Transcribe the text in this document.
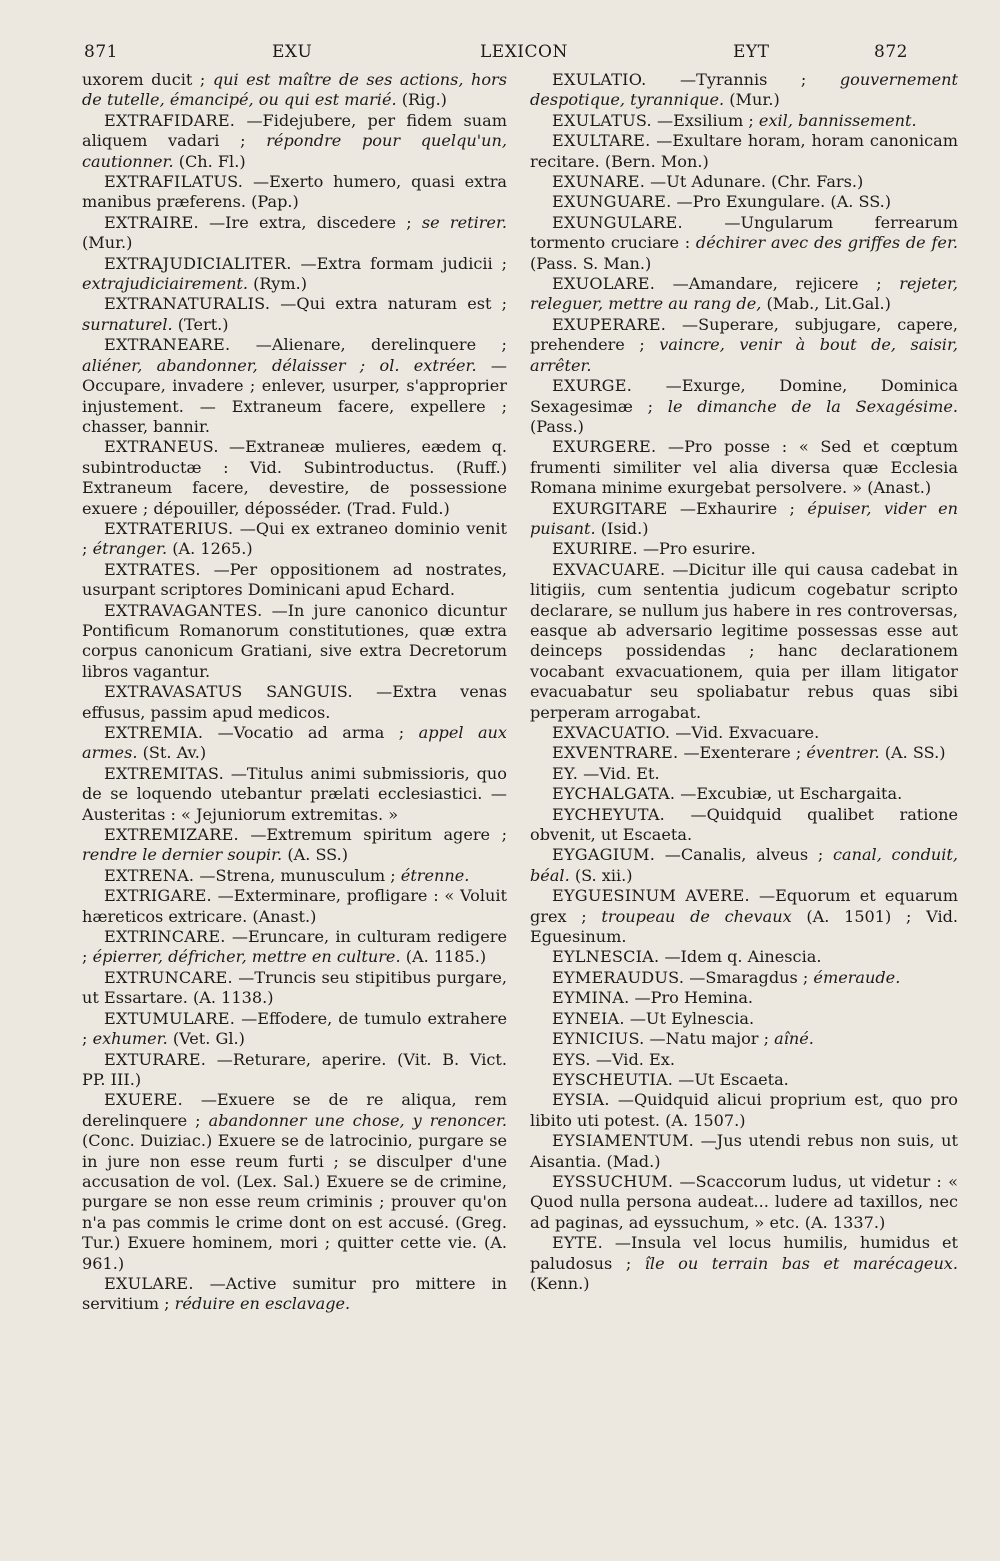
871	EXU	LEXICON	EYT	872

uxorem ducit ; qui est maître de ses actions, hors de tutelle, émancipé, ou qui est marié. (Rig.)

EXTRAFIDARE. — Fidejubere, per fidem suam aliquem vadari ; répondre pour quelqu'un, cautionner. (Ch. Fl.)

EXTRAFILATUS. — Exerto humero, quasi extra manibus præferens. (Pap.)

EXTRAIRE. — Ire extra, discedere ; se retirer. (Mur.)

EXTRAJUDICIALITER. — Extra formam judicii ; extrajudiciairement. (Rym.)

EXTRANATURALIS. — Qui extra naturam est ; surnaturel. (Tert.)

EXTRANEARE.	— Alienare, derelinquere ; aliéner, abandonner, délaisser ; ol. extréer. — Occupare, invadere ; enlever, usurper, s'approprier injustement. — Extraneum facere, expellere ; chasser, bannir.

EXTRANEUS. — Extraneæ mulieres, eædem q. subintroductæ : Vid. Subintroductus. (Ruff.) Extraneum facere, devestire, de possessione exuere ; dépouiller, déposséder. (Trad. Fuld.)

EXTRATERIUS. — Qui ex extraneo dominio venit ; étranger. (A. 1265.)

EXTRATES. — Per oppositionem ad nostrates, usurpant scriptores Dominicani apud Echard.

EXTRAVAGANTES. — In jure canonico dicuntur Pontificum Romanorum constitutiones, quæ extra corpus canonicum Gratiani, sive extra Decretorum libros vagantur.

EXTRAVASATUS SANGUIS. — Extra venas effusus, passim apud medicos.

EXTREMIA. — Vocatio ad arma ; appel aux armes. (St. Av.)

EXTREMITAS. — Titulus animi submissioris, quo de se loquendo utebantur prælati ecclesiastici. — Austeritas : « Jejuniorum extremitas. »

EXTREMIZARE. — Extremum spiritum agere ; rendre le dernier soupir. (A. SS.)

EXTRENA. — Strena, munusculum ; étrenne.

EXTRIGARE. — Exterminare, profligare : « Voluit hæreticos extricare. (Anast.)

EXTRINCARE. — Eruncare, in culturam redigere ; épierrer, défricher, mettre en culture. (A. 1185.)

EXTRUNCARE. — Truncis seu stipitibus purgare, ut Essartare. (A. 1138.)

EXTUMULARE. — Effodere, de tumulo extrahere ; exhumer. (Vet. Gl.)

EXTURARE. — Returare, aperire. (Vit. B. Vict. PP. III.)

EXUERE. — Exuere se de re aliqua, rem derelinquere ; abandonner une chose, y renoncer. (Conc. Duiziac.) Exuere se de latrocinio, purgare se in jure non esse reum furti ; se disculper d'une accusation de vol. (Lex. Sal.) Exuere se de crimine, purgare se non esse reum criminis ; prouver qu'on n'a pas commis le crime dont on est accusé. (Greg. Tur.) Exuere hominem, mori ; quitter cette vie. (A. 961.)

EXULARE. — Active sumitur pro mittere in servitium ; réduire en esclavage.

EXULATIO.	— Tyrannis ; gouvernement despotique, tyrannique. (Mur.)

EXULATUS. — Exsilium ; exil, bannissement.

EXULTARE. — Exultare horam, horam canonicam recitare. (Bern. Mon.)

EXUNARE. — Ut Adunare. (Chr. Fars.)

EXUNGUARE. — Pro Exungulare. (A. SS.)

EXUNGULARE.	— Ungularum ferrearum tormento cruciare : déchirer avec des griffes de fer. (Pass. S. Man.)

EXUOLARE. — Amandare, rejicere ; rejeter, releguer, mettre au rang de, (Mab., Lit.Gal.)

EXUPERARE. — Superare, subjugare, capere, prehendere ; vaincre, venir à bout de, saisir, arrêter.

EXURGE.	— Exurge, Domine, Dominica Sexagesimæ ; le dimanche de la Sexagésime. (Pass.)

EXURGERE. — Pro posse : « Sed et cœptum frumenti similiter vel alia diversa quæ Ecclesia Romana minime exurgebat persolvere. » (Anast.)

EXURGITARE — Exhaurire ; épuiser, vider en puisant. (Isid.)

EXURIRE. — Pro esurire.

EXVACUARE. — Dicitur ille qui causa cadebat in litigiis, cum sententia judicum cogebatur scripto declarare, se nullum jus habere in res controversas, easque ab adversario legitime possessas esse aut deinceps possidendas ; hanc declarationem vocabant exvacuationem, quia per illam litigator evacuabatur seu spoliabatur rebus quas sibi perperam arrogabat.

EXVACUATIO. — Vid. Exvacuare.

EXVENTRARE. — Exenterare ; éventrer. (A. SS.)

EY. — Vid. Et.

EYCHALGATA. — Excubiæ, ut Eschargaita.

EYCHEYUTA.	— Quidquid qualibet ratione obvenit, ut Escaeta.

EYGAGIUM. — Canalis, alveus ; canal, conduit, béal. (S. xii.)

EYGUESINUM AVERE. — Equorum et equarum grex ; troupeau de chevaux (A. 1501) ; Vid. Eguesinum.

EYLNESCIA. — Idem q. Ainescia.

EYMERAUDUS. — Smaragdus ; émeraude.

EYMINA. — Pro Hemina.

EYNEIA. — Ut Eylnescia.

EYNICIUS. — Natu major ; aîné.

EYS. — Vid. Ex.

EYSCHEUTIA. — Ut Escaeta.

EYSIA. — Quidquid alicui proprium est, quo pro libito uti potest. (A. 1507.)

EYSIAMENTUM. — Jus utendi rebus non suis, ut Aisantia. (Mad.)

EYSSUCHUM. — Scaccorum ludus, ut videtur : « Quod nulla persona audeat... ludere ad taxillos, nec ad paginas, ad eyssuchum, » etc. (A. 1337.)

EYTE. — Insula vel locus humilis, humidus et paludosus ; île ou terrain bas et marécageux. (Kenn.)
